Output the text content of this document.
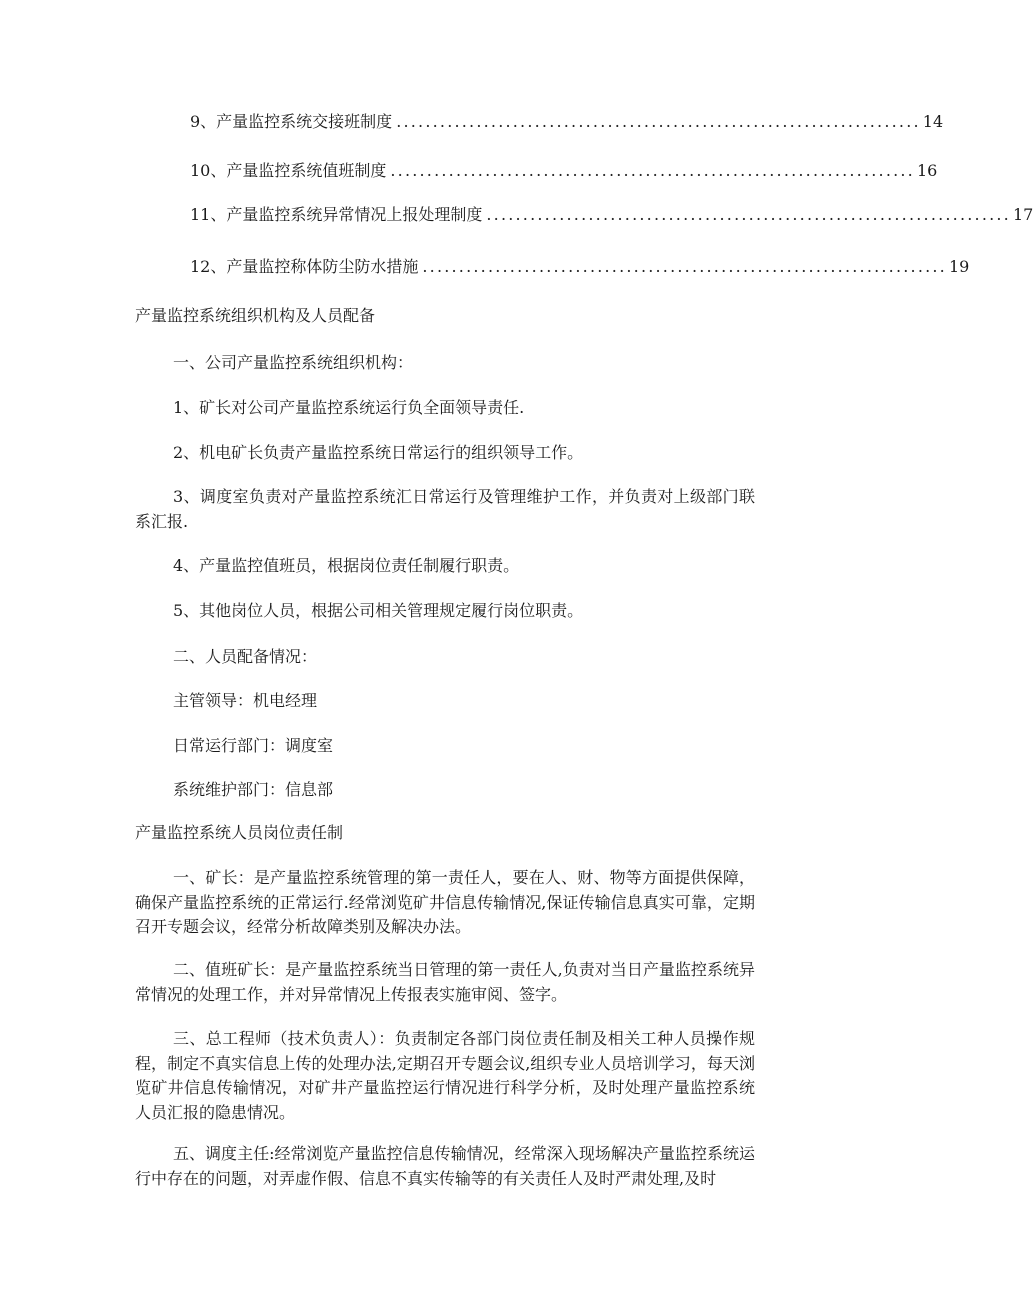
9、产量监控系统交接班制度 ........................................................................ 14
10、产量监控系统值班制度 ........................................................................ 16
11、产量监控系统异常情况上报处理制度 ........................................................................ 17
12、产量监控称体防尘防水措施 ........................................................................ 19
产量监控系统组织机构及人员配备

一、公司产量监控系统组织机构：

1、矿长对公司产量监控系统运行负全面领导责任.

2、机电矿长负责产量监控系统日常运行的组织领导工作。

3、调度室负责对产量监控系统汇日常运行及管理维护工作，并负责对上级部门联系汇报.

4、产量监控值班员，根据岗位责任制履行职责。

5、其他岗位人员，根据公司相关管理规定履行岗位职责。

二、人员配备情况：

主管领导：机电经理

日常运行部门：调度室

系统维护部门：信息部

产量监控系统人员岗位责任制

一、矿长：是产量监控系统管理的第一责任人，要在人、财、物等方面提供保障，确保产量监控系统的正常运行.经常浏览矿井信息传输情况,保证传输信息真实可靠，定期召开专题会议，经常分析故障类别及解决办法。

二、值班矿长：是产量监控系统当日管理的第一责任人,负责对当日产量监控系统异常情况的处理工作，并对异常情况上传报表实施审阅、签字。

三、总工程师（技术负责人）：负责制定各部门岗位责任制及相关工种人员操作规程，制定不真实信息上传的处理办法,定期召开专题会议,组织专业人员培训学习，每天浏览矿井信息传输情况，对矿井产量监控运行情况进行科学分析，及时处理产量监控系统人员汇报的隐患情况。

五、调度主任:经常浏览产量监控信息传输情况，经常深入现场解决产量监控系统运行中存在的问题，对弄虚作假、信息不真实传输等的有关责任人及时严肃处理,及时
